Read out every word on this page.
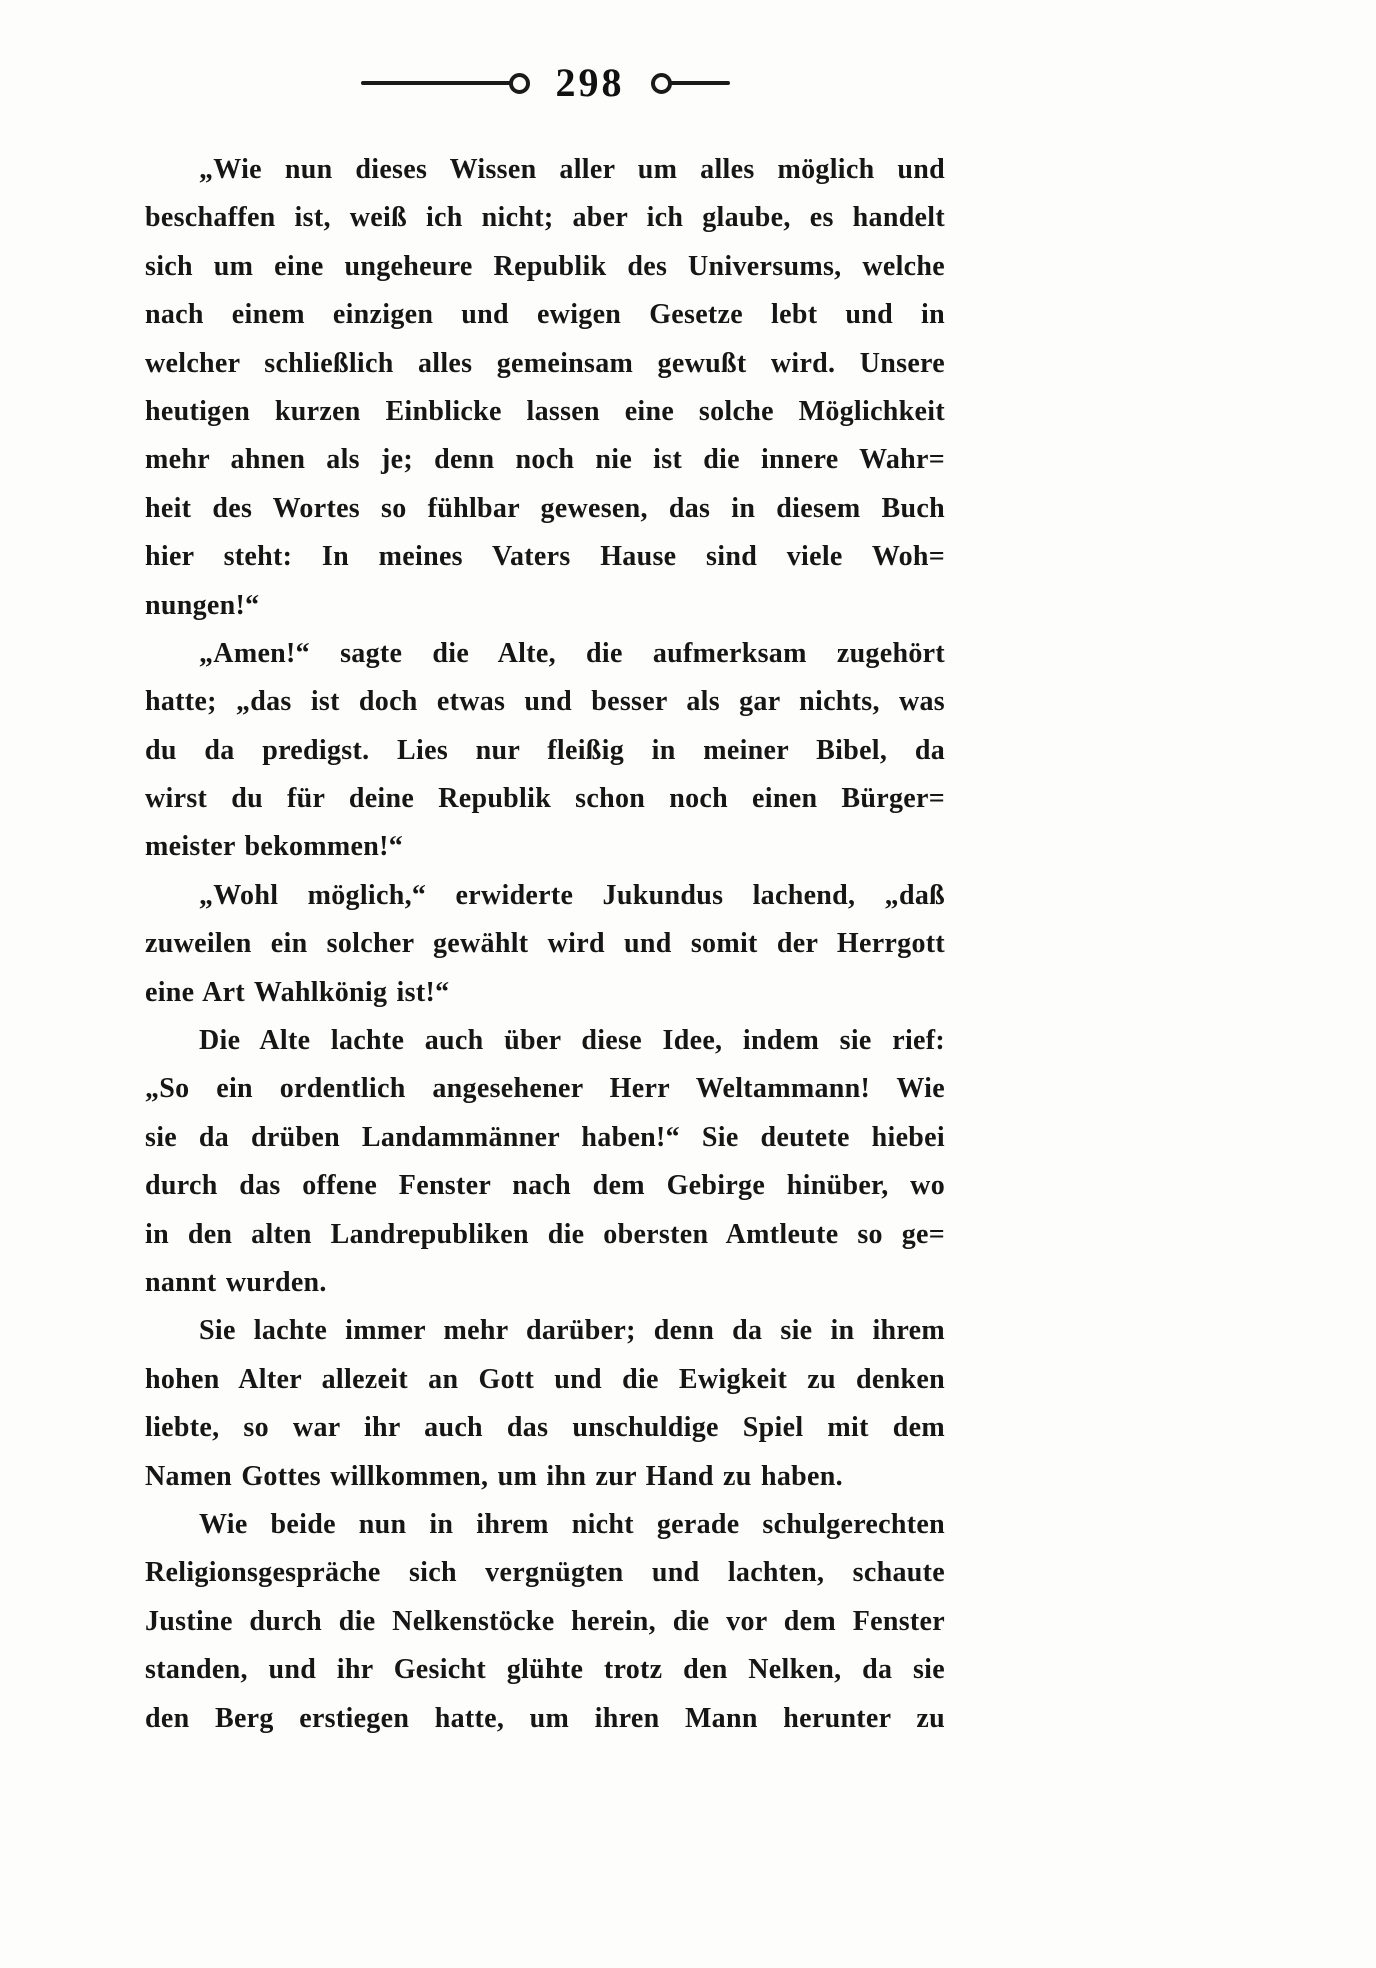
298
„Wie nun dieses Wissen aller um alles möglich und
beschaffen ist, weiß ich nicht; aber ich glaube, es handelt
sich um eine ungeheure Republik des Universums, welche
nach einem einzigen und ewigen Gesetze lebt und in
welcher schließlich alles gemeinsam gewußt wird. Unsere
heutigen kurzen Einblicke lassen eine solche Möglichkeit
mehr ahnen als je; denn noch nie ist die innere Wahr=
heit des Wortes so fühlbar gewesen, das in diesem Buch
hier steht: In meines Vaters Hause sind viele Woh=
nungen!“
„Amen!“ sagte die Alte, die aufmerksam zugehört
hatte; „das ist doch etwas und besser als gar nichts, was
du da predigst. Lies nur fleißig in meiner Bibel, da
wirst du für deine Republik schon noch einen Bürger=
meister bekommen!“
„Wohl möglich,“ erwiderte Jukundus lachend, „daß
zuweilen ein solcher gewählt wird und somit der Herrgott
eine Art Wahlkönig ist!“
Die Alte lachte auch über diese Idee, indem sie rief:
„So ein ordentlich angesehener Herr Weltammann! Wie
sie da drüben Landammänner haben!“ Sie deutete hiebei
durch das offene Fenster nach dem Gebirge hinüber, wo
in den alten Landrepubliken die obersten Amtleute so ge=
nannt wurden.
Sie lachte immer mehr darüber; denn da sie in ihrem
hohen Alter allezeit an Gott und die Ewigkeit zu denken
liebte, so war ihr auch das unschuldige Spiel mit dem
Namen Gottes willkommen, um ihn zur Hand zu haben.
Wie beide nun in ihrem nicht gerade schulgerechten
Religionsgespräche sich vergnügten und lachten, schaute
Justine durch die Nelkenstöcke herein, die vor dem Fenster
standen, und ihr Gesicht glühte trotz den Nelken, da sie
den Berg erstiegen hatte, um ihren Mann herunter zu
